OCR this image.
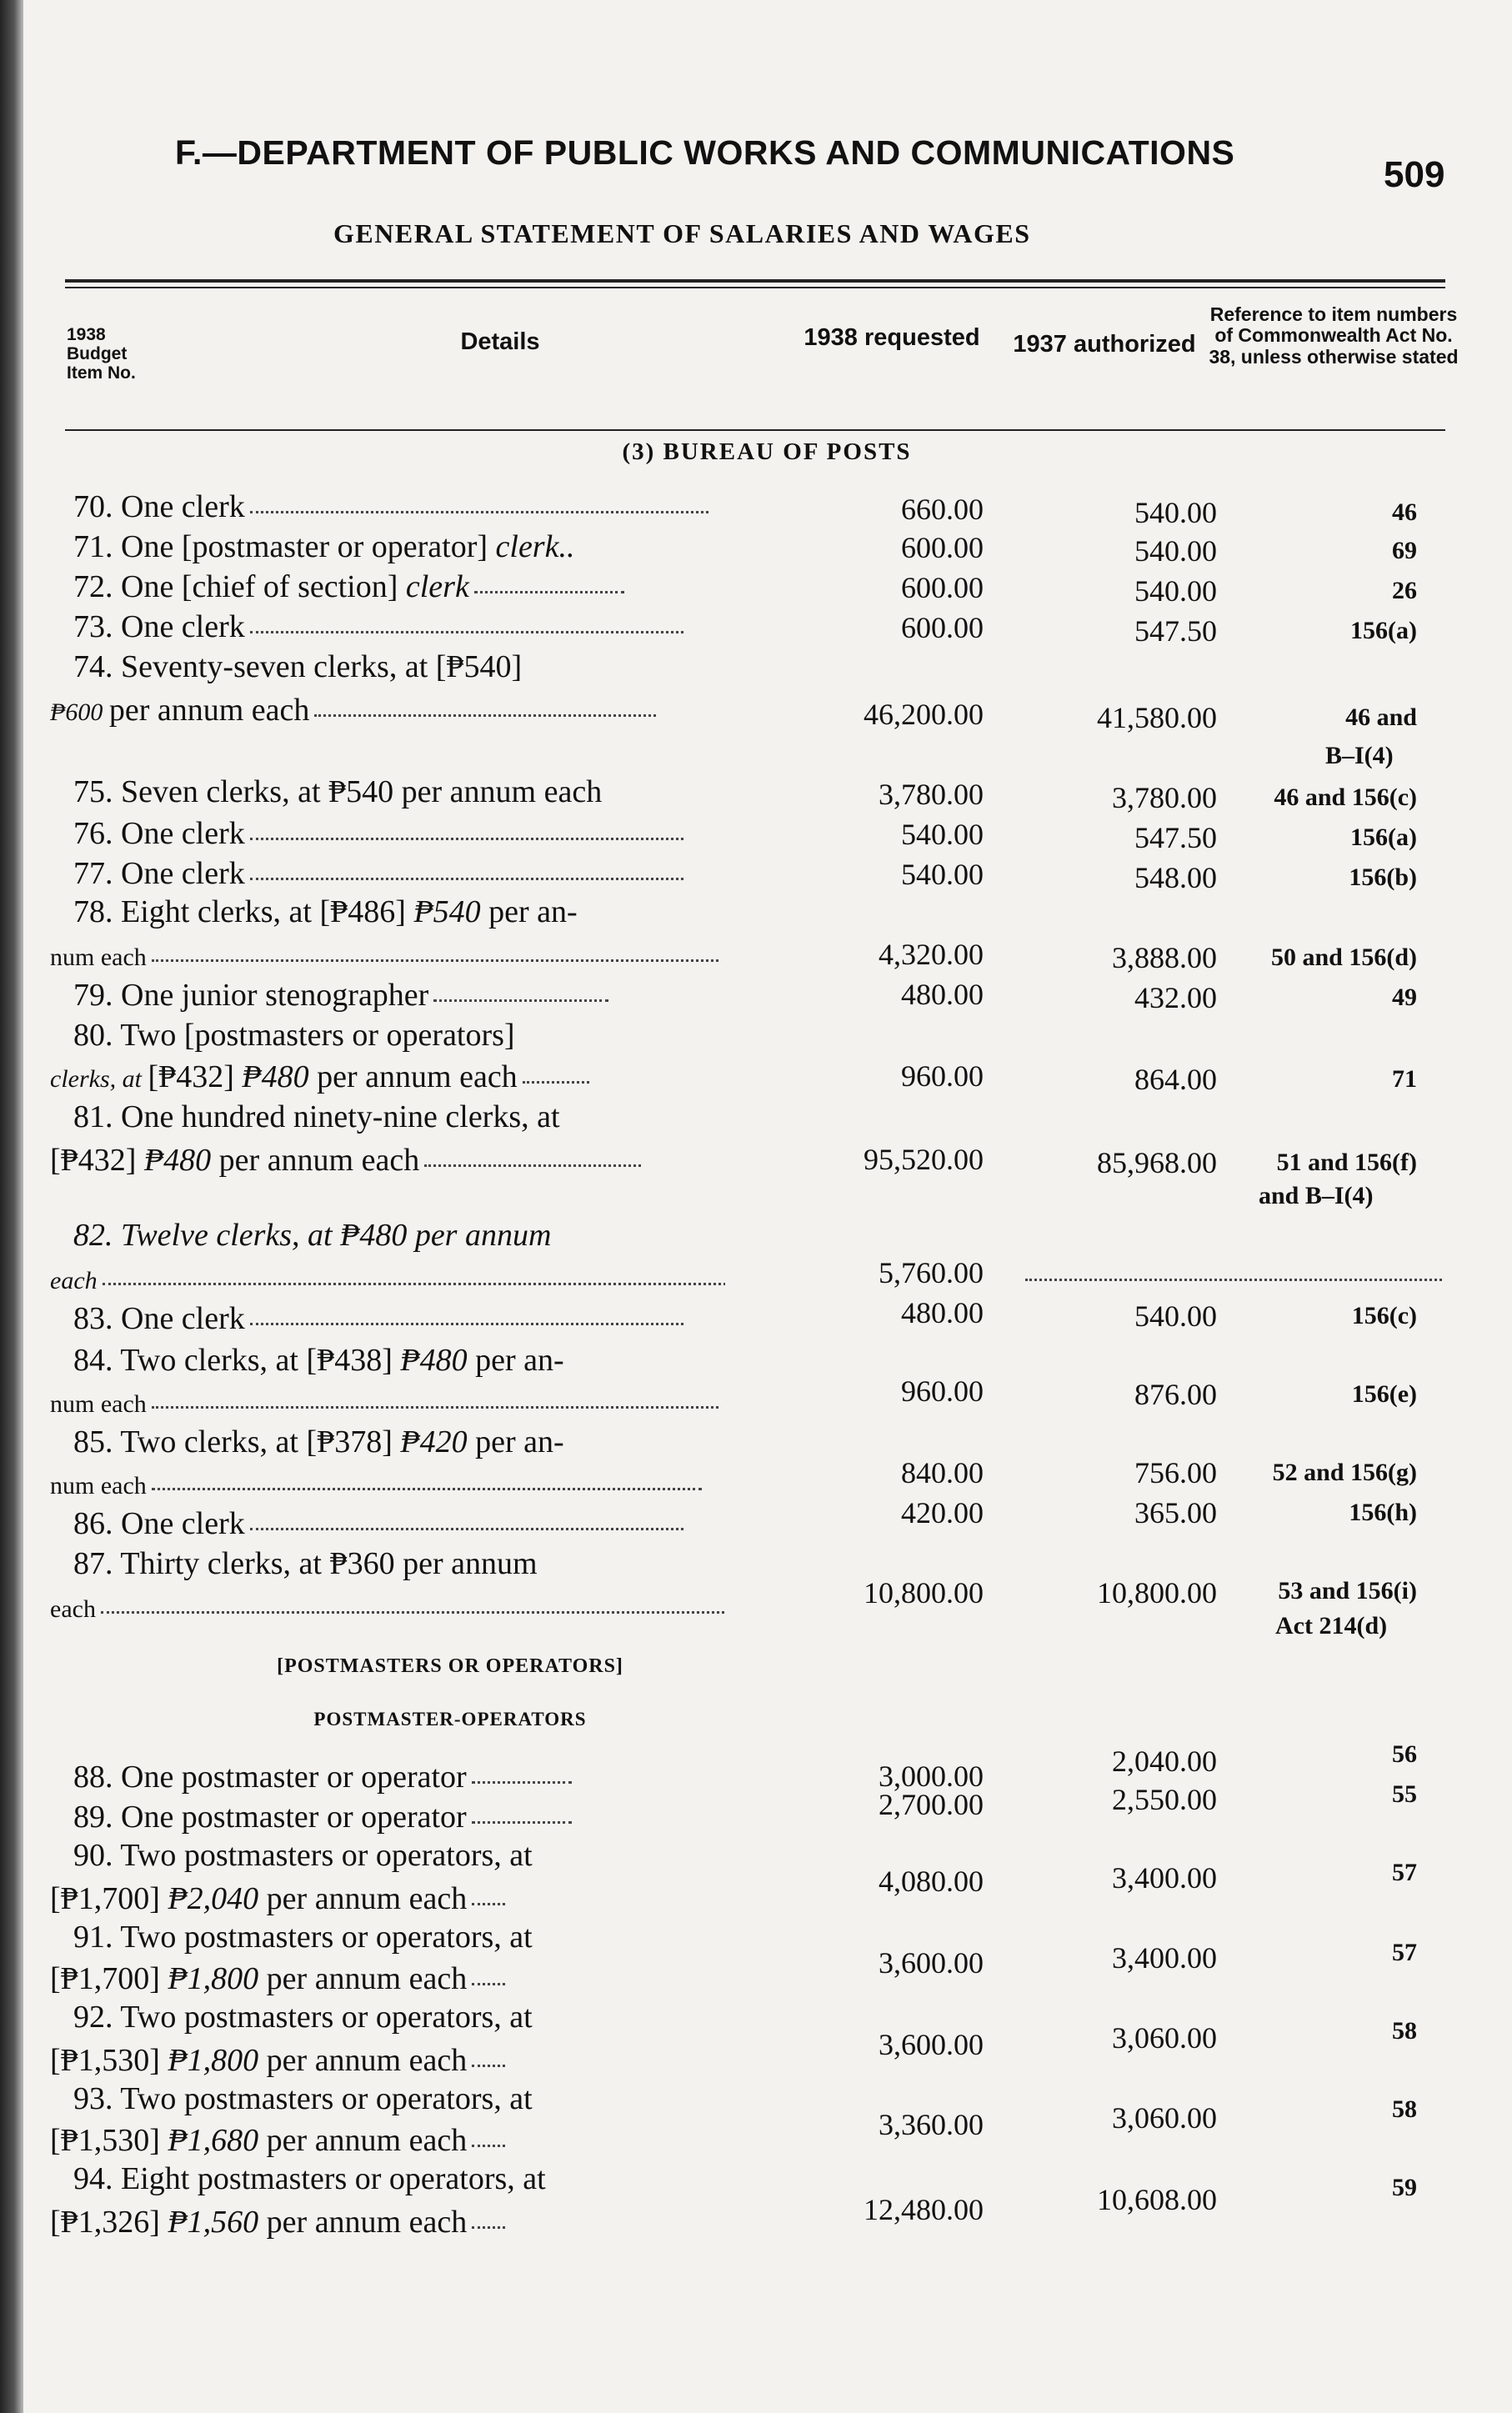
F.—DEPARTMENT OF PUBLIC WORKS AND COMMUNICATIONS
509
GENERAL STATEMENT OF SALARIES AND WAGES
1938 Budget Item No.
Details	1938 requested	1937 authorized
Reference to item numbers of Commonwealth Act No. 38, unless otherwise stated
(3) BUREAU OF POSTS
70. One clerk	660.00	540.00	46
71. One [postmaster or operator] clerk..	600.00	540.00	69
72. One [chief of section] clerk	600.00	540.00	26
73. One clerk	600.00	547.50	156(a)
74. Seventy-seven clerks, at [₱540]
₱600 per annum each	46,200.00	41,580.00	46 and
B–I(4)
75. Seven clerks, at ₱540 per annum each	3,780.00	3,780.00	46 and 156(c)
76. One clerk	540.00	547.50	156(a)
77. One clerk	540.00	548.00	156(b)
78. Eight clerks, at [₱486] ₱540 per an-
num each	4,320.00	3,888.00	50 and 156(d)
79. One junior stenographer	480.00	432.00	49
80. Two [postmasters or operators]
clerks, at [₱432] ₱480 per annum each	960.00	864.00	71
81. One hundred ninety-nine clerks, at
[₱432] ₱480 per annum each	95,520.00	85,968.00	51 and 156(f)
and B–I(4)
82. Twelve clerks, at ₱480 per annum
each	5,760.00
83. One clerk	480.00	540.00	156(c)
84. Two clerks, at [₱438] ₱480 per an-
num each	960.00	876.00	156(e)
85. Two clerks, at [₱378] ₱420 per an-
num each	840.00	756.00	52 and 156(g)
86. One clerk	420.00	365.00	156(h)
87. Thirty clerks, at ₱360 per annum
each	10,800.00	10,800.00	53 and 156(i)
Act 214(d)
[POSTMASTERS OR OPERATORS]
POSTMASTER-OPERATORS
88. One postmaster or operator	3,000.00	2,040.00	56
89. One postmaster or operator	2,700.00	2,550.00	55
90. Two postmasters or operators, at
[₱1,700] ₱2,040 per annum each	4,080.00	3,400.00	57
91. Two postmasters or operators, at
[₱1,700] ₱1,800 per annum each	3,600.00	3,400.00	57
92. Two postmasters or operators, at
[₱1,530] ₱1,800 per annum each	3,600.00	3,060.00	58
93. Two postmasters or operators, at
[₱1,530] ₱1,680 per annum each	3,360.00	3,060.00	58
94. Eight postmasters or operators, at
[₱1,326] ₱1,560 per annum each	12,480.00	10,608.00	59
